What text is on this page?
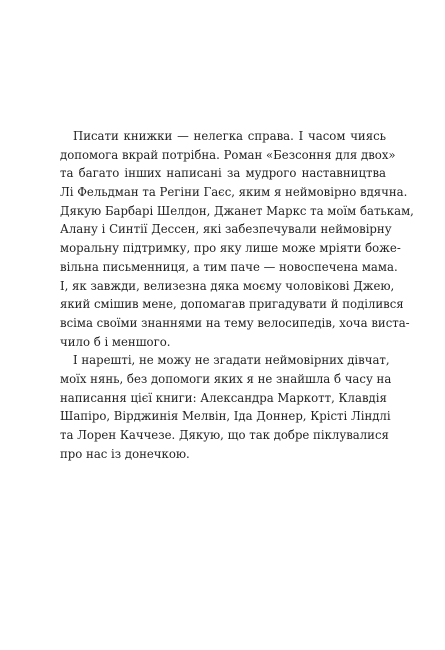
Писати книжки — нелегка справа. І часом чиясь
допомога вкрай потрібна. Роман «Безсоння для двох»
та багато інших написані за мудрого наставництва
Лі Фельдман та Регіни Гаєс, яким я неймовірно вдячна.
Дякую Барбарі Шелдон, Джанет Маркс та моїм батькам,
Алану і Синтії Дессен, які забезпечували неймовірну
моральну підтримку, про яку лише може мріяти боже-
вільна письменниця, а тим паче — новоспечена мама.
І, як завжди, велизезна дяка моєму чоловікові Джею,
який смішив мене, допомагав пригадувати й поділився
всіма своїми знаннями на тему велосипедів, хоча виста-
чило б і меншого.
І нарешті, не можу не згадати неймовірних дівчат,
моїх нянь, без допомоги яких я не знайшла б часу на
написання цієї книги: Александра Маркотт, Клавдія
Шапіро, Вірджинія Мелвін, Іда Доннер, Крісті Ліндлі
та Лорен Каччезе. Дякую, що так добре піклувалися
про нас із донечкою.
